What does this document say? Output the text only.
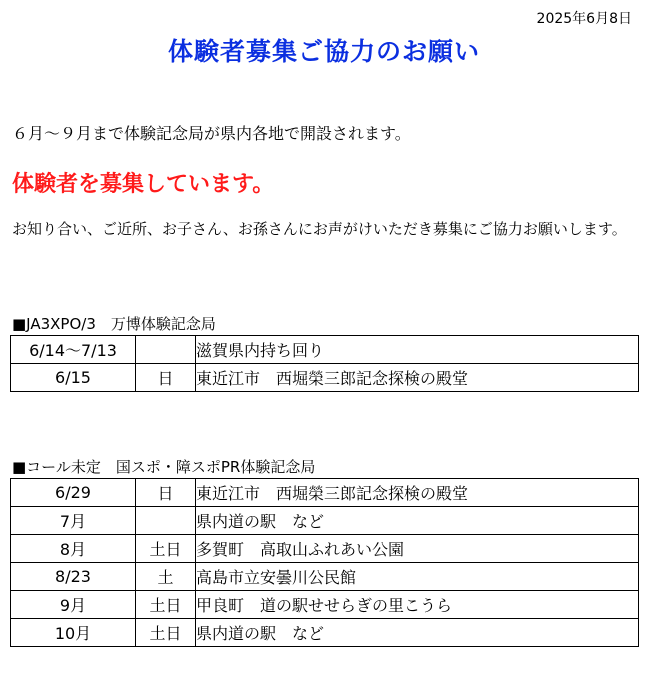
2025年6月8日
体験者募集ご協力のお願い
６月～９月まで体験記念局が県内各地で開設されます。
体験者を募集しています。
お知り合い、ご近所、お子さん、お孫さんにお声がけいただき募集にご協力お願いします。
■JA3XPO/3　万博体験記念局
6/14～7/13		滋賀県内持ち回り
6/15	日	東近江市　西堀榮三郎記念探検の殿堂
■コール未定　国スポ・障スポPR体験記念局
6/29	日	東近江市　西堀榮三郎記念探検の殿堂
7月		県内道の駅　など
8月	土日	多賀町　高取山ふれあい公園
8/23	土	高島市立安曇川公民館
9月	土日	甲良町　道の駅せせらぎの里こうら
10月	土日	県内道の駅　など
